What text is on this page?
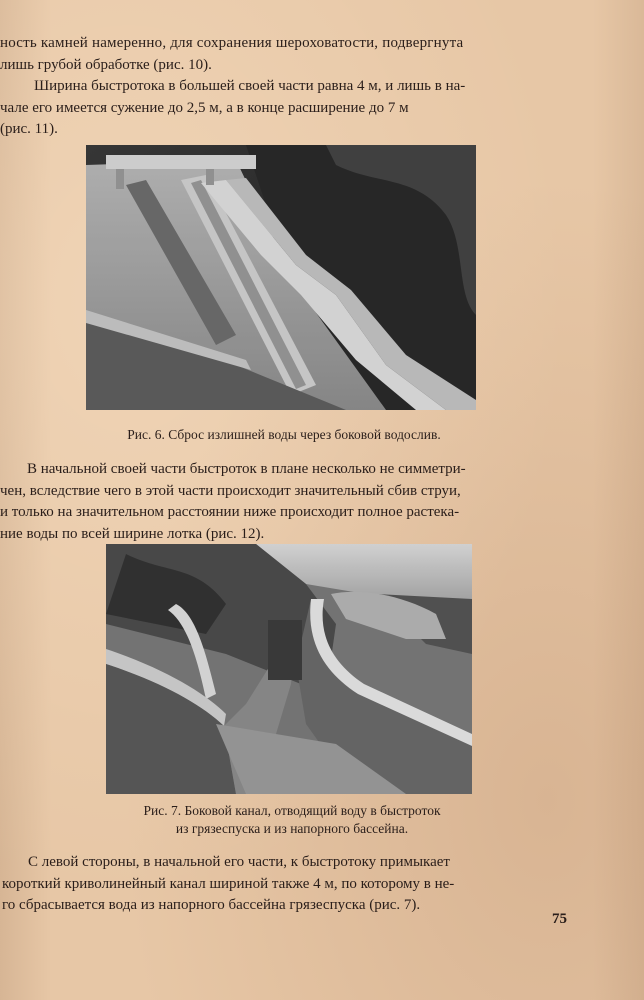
ность камней намеренно, для сохранения шероховатости, подвергнута
лишь грубой обработке (рис. 10).
Ширина быстротока в большей своей части равна 4 м, и лишь в на-
чале его имеется сужение до 2,5 м, а в конце расширение до 7 м
(рис. 11).
Рис. 6. Сброс излишней воды через боковой водослив.
В начальной своей части быстроток в плане несколько не симметри-
чен, вследствие чего в этой части происходит значительный сбив струи,
и только на значительном расстоянии ниже происходит полное растека-
ние воды по всей ширине лотка (рис. 12).
Рис. 7. Боковой канал, отводящий воду в быстроток
из грязеспуска и из напорного бассейна.
С левой стороны, в начальной его части, к быстротоку примыкает
короткий криволинейный канал шириной также 4 м, по которому в не-
го сбрасывается вода из напорного бассейна грязеспуска (рис. 7).
75
